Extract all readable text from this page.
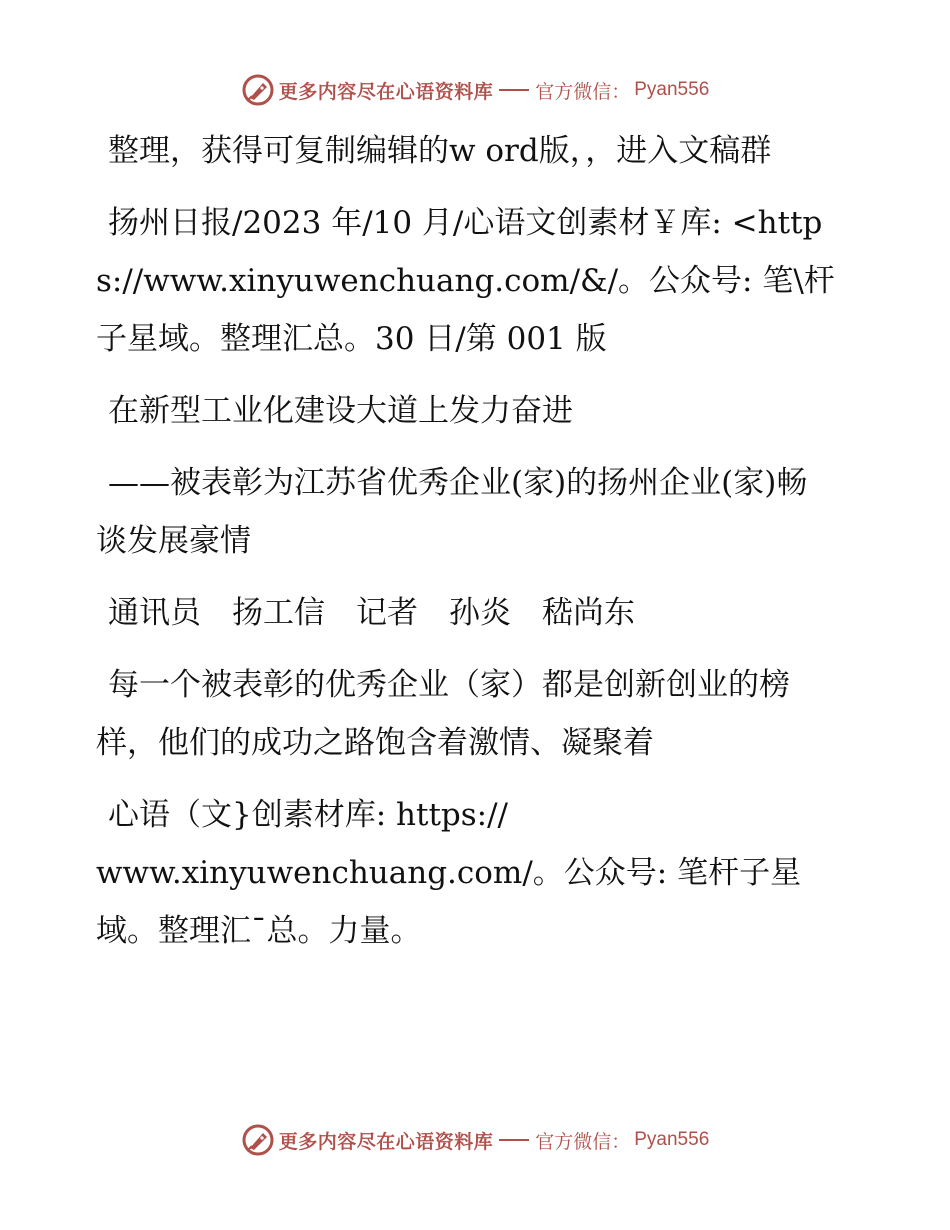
更多内容尽在心语资料库 官方微信： Pyan556

整理，获得可复制编辑的w ord版，，进入文稿群

扬州日报/2023 年/10 月/心语文创素材￥库: <https://www.xinyuwenchuang.com/&/。公众号: 笔\杆子星域。整理汇总。30 日/第 001 版

在新型工业化建设大道上发力奋进

——被表彰为江苏省优秀企业(家)的扬州企业(家)畅谈发展豪情

通讯员　扬工信　记者　孙炎　嵇尚东

每一个被表彰的优秀企业（家）都是创新创业的榜样，他们的成功之路饱含着激情、凝聚着

心语（文}创素材库: https://
www.xinyuwenchuang.com/。公众号: 笔杆子星域。整理汇¯总。力量。

更多内容尽在心语资料库 官方微信： Pyan556
